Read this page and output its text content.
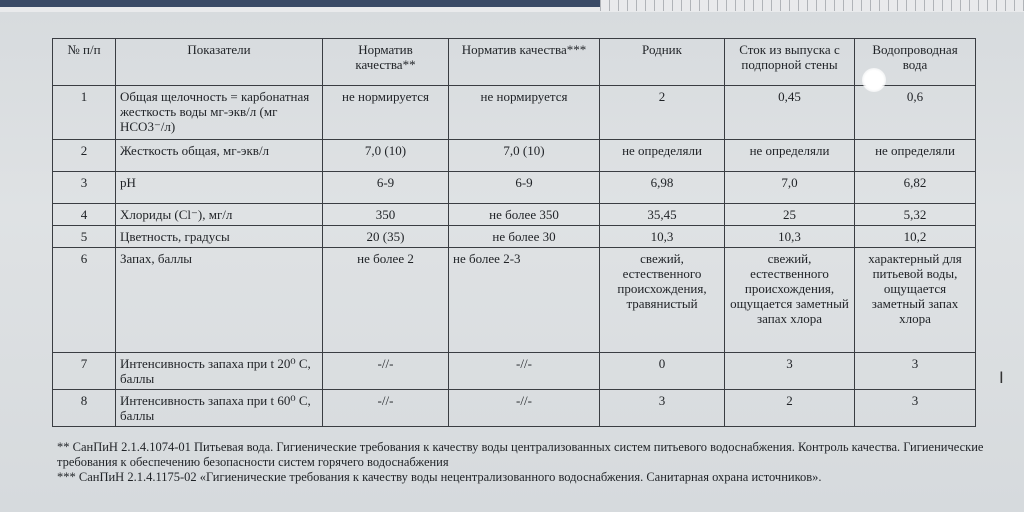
№ п/п	Показатели	Норматив качества**	Норматив качества***	Родник	Сток из выпуска с подпорной стены	Водопроводная вода
1	Общая щелочность = карбонатная жесткость воды мг-экв/л (мг НСО3⁻/л)	не нормируется	не нормируется	2	0,45	0,6
2	Жесткость общая, мг-экв/л	7,0 (10)	7,0 (10)	не определяли	не определяли	не определяли
3	pH	6-9	6-9	6,98	7,0	6,82
4	Хлориды (Cl⁻), мг/л	350	не более 350	35,45	25	5,32
5	Цветность, градусы	20 (35)	не более 30	10,3	10,3	10,2
6	Запах, баллы	не более 2	не более 2-3	свежий, естественного происхождения, травянистый	свежий, естественного происхождения, ощущается заметный запах хлора	характерный для питьевой воды, ощущается заметный запах хлора
7	Интенсивность запаха при t 20⁰ С, баллы	-//-	-//-	0	3	3
8	Интенсивность запаха при t 60⁰ С, баллы	-//-	-//-	3	2	3
** СанПиН 2.1.4.1074-01 Питьевая вода. Гигиенические требования к качеству воды централизованных систем питьевого водоснабжения. Контроль качества. Гигиенические требования к обеспечению безопасности систем горячего водоснабжения
*** СанПиН 2.1.4.1175-02 «Гигиенические требования к качеству воды нецентрализованного водоснабжения. Санитарная охрана источников».
I
